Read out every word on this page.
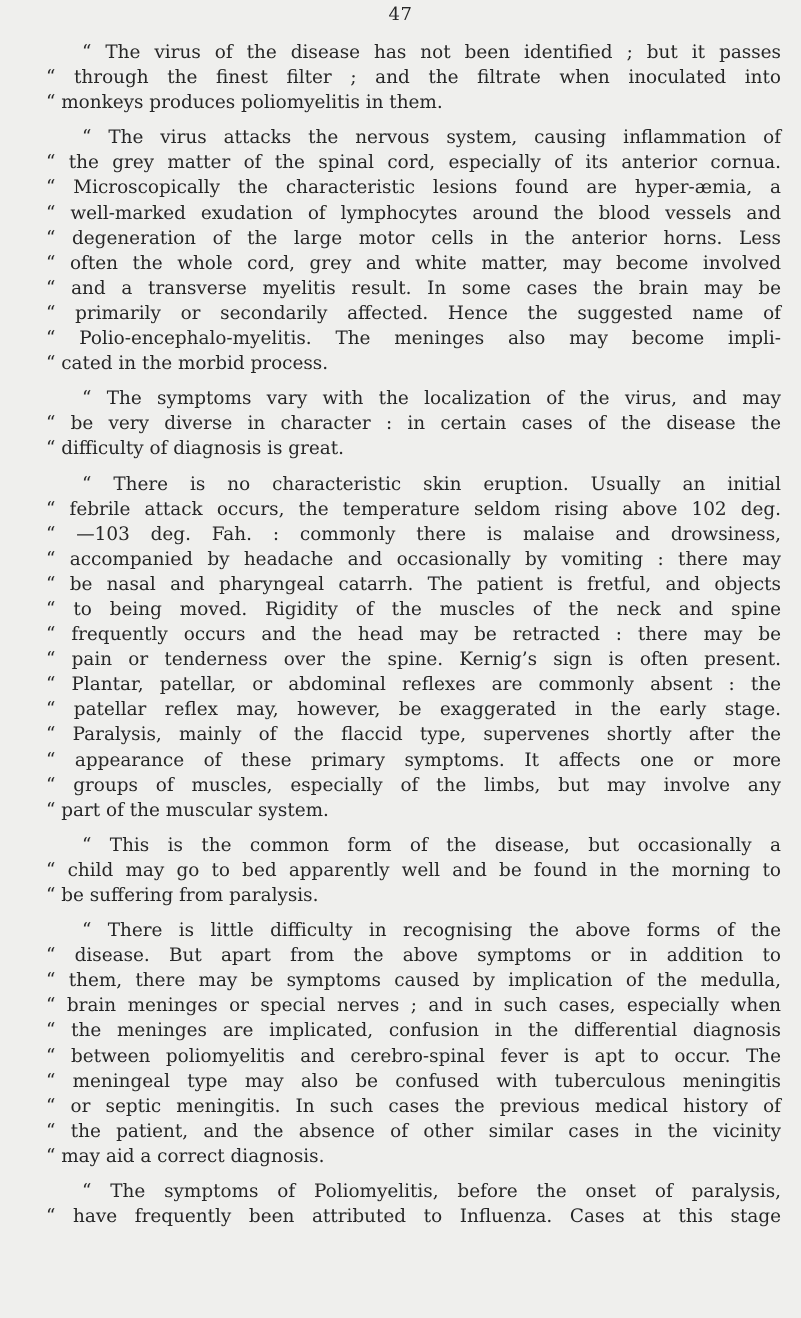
47
“ The virus of the disease has not been identified ; but it passes
“ through the finest filter ; and the filtrate when inoculated into
“ monkeys produces poliomyelitis in them.
“ The virus attacks the nervous system, causing inflammation of
“ the grey matter of the spinal cord, especially of its anterior cornua.
“ Microscopically the characteristic lesions found are hyper-æmia, a
“ well-marked exudation of lymphocytes around the blood vessels and
“ degeneration of the large motor cells in the anterior horns. Less
“ often the whole cord, grey and white matter, may become involved
“ and a transverse myelitis result. In some cases the brain may be
“ primarily or secondarily affected. Hence the suggested name of
“ Polio-encephalo-myelitis. The meninges also may become impli-
“ cated in the morbid process.
“ The symptoms vary with the localization of the virus, and may
“ be very diverse in character : in certain cases of the disease the
“ difficulty of diagnosis is great.
“ There is no characteristic skin eruption. Usually an initial
“ febrile attack occurs, the temperature seldom rising above 102 deg.
“ —103 deg. Fah. : commonly there is malaise and drowsiness,
“ accompanied by headache and occasionally by vomiting : there may
“ be nasal and pharyngeal catarrh. The patient is fretful, and objects
“ to being moved. Rigidity of the muscles of the neck and spine
“ frequently occurs and the head may be retracted : there may be
“ pain or tenderness over the spine. Kernig’s sign is often present.
“ Plantar, patellar, or abdominal reflexes are commonly absent : the
“ patellar reflex may, however, be exaggerated in the early stage.
“ Paralysis, mainly of the flaccid type, supervenes shortly after the
“ appearance of these primary symptoms. It affects one or more
“ groups of muscles, especially of the limbs, but may involve any
“ part of the muscular system.
“ This is the common form of the disease, but occasionally a
“ child may go to bed apparently well and be found in the morning to
“ be suffering from paralysis.
“ There is little difficulty in recognising the above forms of the
“ disease. But apart from the above symptoms or in addition to
“ them, there may be symptoms caused by implication of the medulla,
“ brain meninges or special nerves ; and in such cases, especially when
“ the meninges are implicated, confusion in the differential diagnosis
“ between poliomyelitis and cerebro-spinal fever is apt to occur. The
“ meningeal type may also be confused with tuberculous meningitis
“ or septic meningitis. In such cases the previous medical history of
“ the patient, and the absence of other similar cases in the vicinity
“ may aid a correct diagnosis.
“ The symptoms of Poliomyelitis, before the onset of paralysis,
“ have frequently been attributed to Influenza. Cases at this stage
